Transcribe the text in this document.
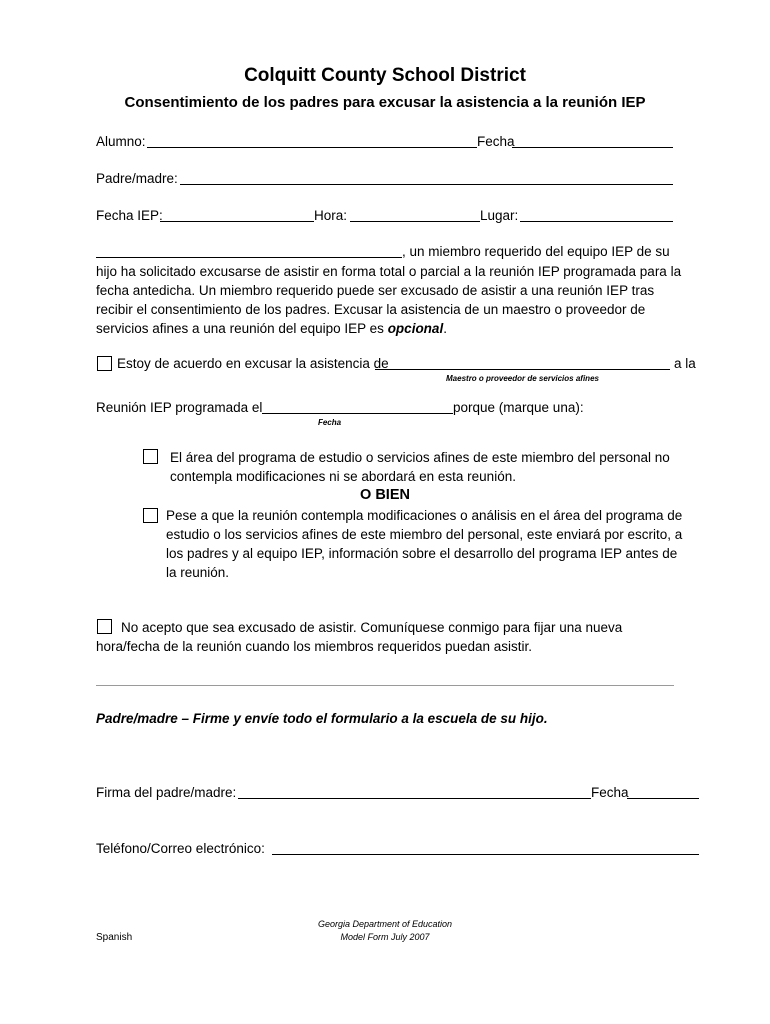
Colquitt County School District
Consentimiento de los padres para excusar la asistencia a la reunión IEP
Alumno:	Fecha
Padre/madre:
Fecha IEP:	Hora:	Lugar:
, un miembro requerido del equipo IEP de su
hijo ha solicitado excusarse de asistir en forma total o parcial a la reunión IEP programada para la fecha antedicha. Un miembro requerido puede ser excusado de asistir a una reunión IEP tras recibir el consentimiento de los padres. Excusar la asistencia de un maestro o proveedor de servicios afines a una reunión del equipo IEP es opcional.
Estoy de acuerdo en excusar la asistencia de	a la
Maestro o proveedor de servicios afines
Reunión IEP programada el	porque (marque una):
Fecha
El área del programa de estudio o servicios afines de este miembro del personal no contempla modificaciones ni se abordará en esta reunión.
O BIEN
Pese a que la reunión contempla modificaciones o análisis en el área del programa de estudio o los servicios afines de este miembro del personal, este enviará por escrito, a los padres y al equipo IEP, información sobre el desarrollo del programa IEP antes de la reunión.
No acepto que sea excusado de asistir. Comuníquese conmigo para fijar una nueva hora/fecha de la reunión cuando los miembros requeridos puedan asistir.
Padre/madre – Firme y envíe todo el formulario a la escuela de su hijo.
Firma del padre/madre:	Fecha
Teléfono/Correo electrónico:
Spanish
Georgia Department of Education
Model Form July 2007
